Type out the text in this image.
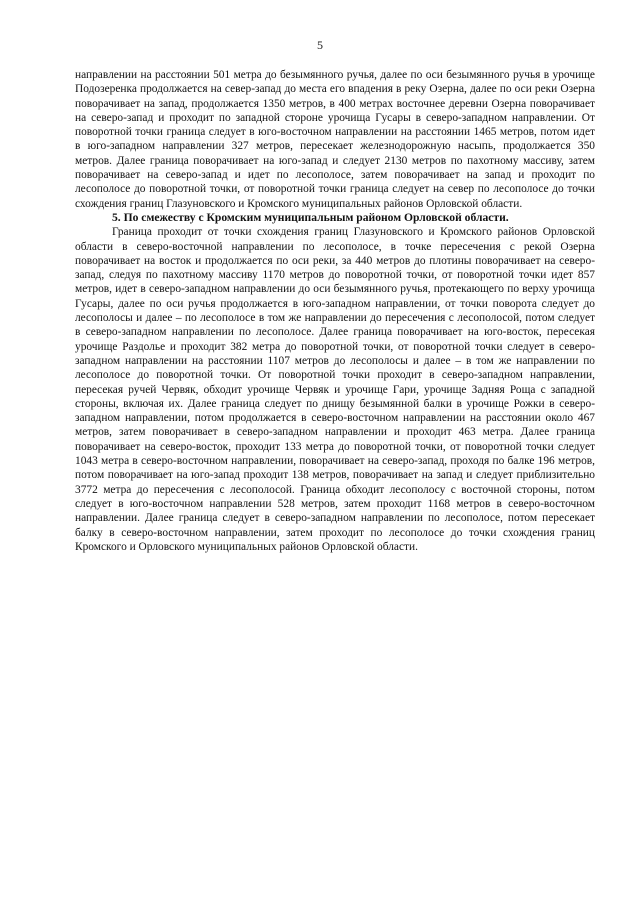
5

направлении на расстоянии 501 метра до безымянного ручья, далее по оси безымянного ручья в урочище Подозеренка продолжается на север-запад до места его впадения в реку Озерна, далее по оси реки Озерна поворачивает на запад, продолжается 1350 метров, в 400 метрах восточнее деревни Озерна поворачивает на северо-запад и проходит по западной стороне урочища Гусары в северо-западном направлении. От поворотной точки граница следует в юго-восточном направлении на расстоянии 1465 метров, потом идет в юго-западном направлении 327 метров, пересекает железнодорожную насыпь, продолжается 350 метров. Далее граница поворачивает на юго-запад и следует 2130 метров по пахотному массиву, затем поворачивает на северо-запад и идет по лесополосе, затем поворачивает на запад и проходит по лесополосе до поворотной точки, от поворотной точки граница следует на север по лесополосе до точки схождения границ Глазуновского и Кромского муниципальных районов Орловской области.

5. По смежеству с Кромским муниципальным районом Орловской области.

Граница проходит от точки схождения границ Глазуновского и Кромского районов Орловской области в северо-восточной направлении по лесополосе, в точке пересечения с рекой Озерна поворачивает на восток и продолжается по оси реки, за 440 метров до плотины поворачивает на северо-запад, следуя по пахотному массиву 1170 метров до поворотной точки, от поворотной точки идет 857 метров, идет в северо-западном направлении до оси безымянного ручья, протекающего по верху урочища Гусары, далее по оси ручья продолжается в юго-западном направлении, от точки поворота следует до лесополосы и далее – по лесополосе в том же направлении до пересечения с лесополосой, потом следует в северо-западном направлении по лесополосе. Далее граница поворачивает на юго-восток, пересекая урочище Раздолье и проходит 382 метра до поворотной точки, от поворотной точки следует в северо-западном направлении на расстоянии 1107 метров до лесополосы и далее – в том же направлении по лесополосе до поворотной точки. От поворотной точки проходит в северо-западном направлении, пересекая ручей Червяк, обходит урочище Червяк и урочище Гари, урочище Задняя Роща с западной стороны, включая их. Далее граница следует по днищу безымянной балки в урочище Рожки в северо-западном направлении, потом продолжается в северо-восточном направлении на расстоянии около 467 метров, затем поворачивает в северо-западном направлении и проходит 463 метра. Далее граница поворачивает на северо-восток, проходит 133 метра до поворотной точки, от поворотной точки следует 1043 метра в северо-восточном направлении, поворачивает на северо-запад, проходя по балке 196 метров, потом поворачивает на юго-запад проходит 138 метров, поворачивает на запад и следует приблизительно 3772 метра до пересечения с лесополосой. Граница обходит лесополосу с восточной стороны, потом следует в юго-восточном направлении 528 метров, затем проходит 1168 метров в северо-восточном направлении. Далее граница следует в северо-западном направлении по лесополосе, потом пересекает балку в северо-восточном направлении, затем проходит по лесополосе до точки схождения границ Кромского и Орловского муниципальных районов Орловской области.
